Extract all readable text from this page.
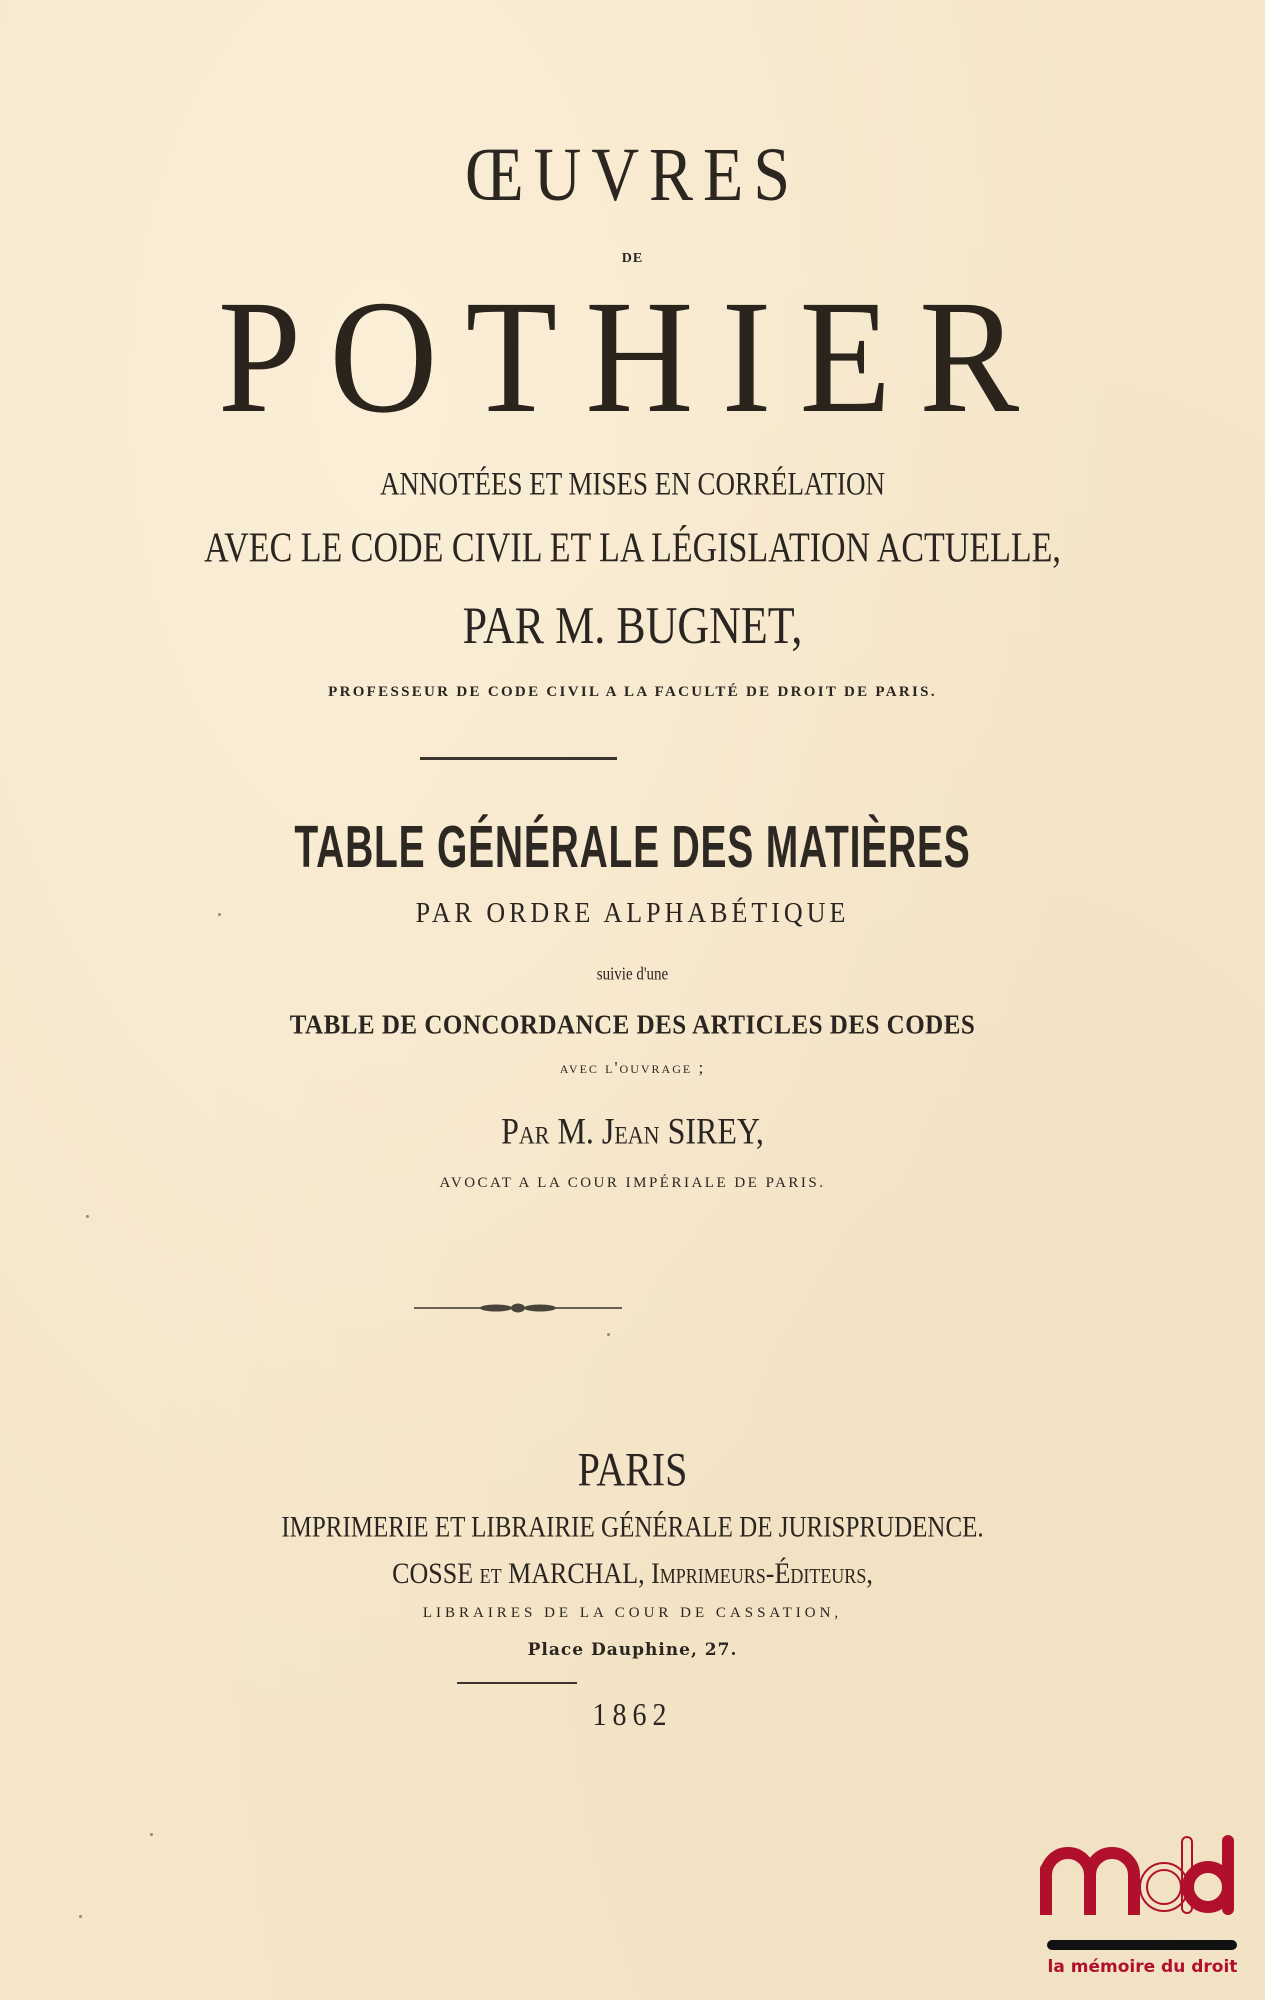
ŒUVRES
DE
POTHIER
ANNOTÉES ET MISES EN CORRÉLATION
AVEC LE CODE CIVIL ET LA LÉGISLATION ACTUELLE,
PAR M. BUGNET,
PROFESSEUR DE CODE CIVIL A LA FACULTÉ DE DROIT DE PARIS.
TABLE GÉNÉRALE DES MATIÈRES
PAR ORDRE ALPHABÉTIQUE
suivie d'une
TABLE DE CONCORDANCE DES ARTICLES DES CODES
avec l'ouvrage ;
Par M. Jean SIREY,
AVOCAT A LA COUR IMPÉRIALE DE PARIS.
PARIS
IMPRIMERIE ET LIBRAIRIE GÉNÉRALE DE JURISPRUDENCE.
COSSE et MARCHAL, Imprimeurs-Éditeurs,
LIBRAIRES DE LA COUR DE CASSATION,
Place Dauphine, 27.
1862
la mémoire du droit
